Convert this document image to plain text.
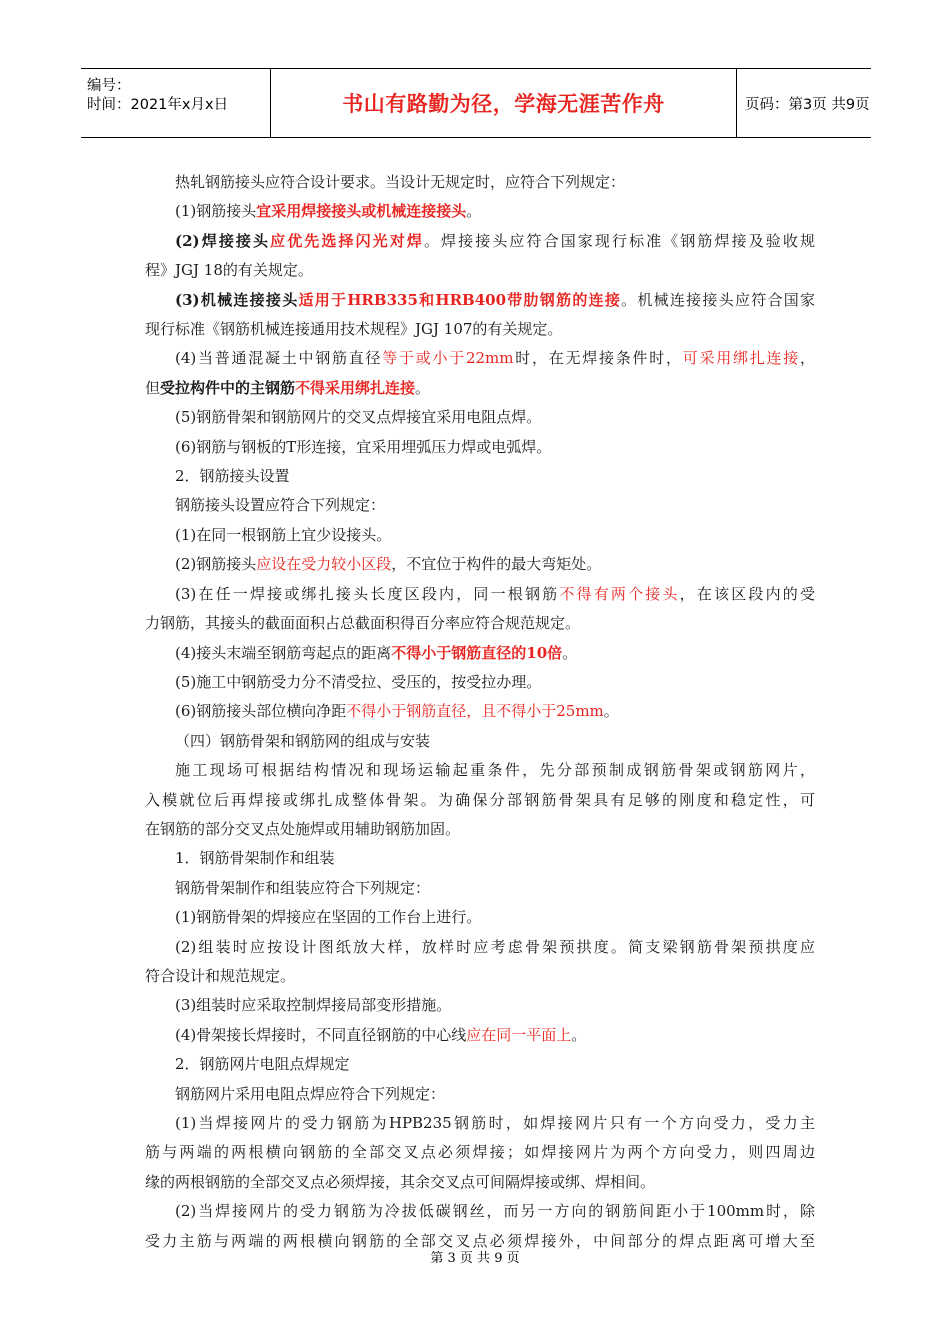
编号：
时间：2021年x月x日	书山有路勤为径，学海无涯苦作舟	页码：第3页 共9页

热轧钢筋接头应符合设计要求。当设计无规定时，应符合下列规定：

(1)钢筋接头宜采用焊接接头或机械连接接头。

(2)焊接接头应优先选择闪光对焊。焊接接头应符合国家现行标准《钢筋焊接及验收规

程》JGJ 18的有关规定。

(3)机械连接接头适用于HRB335和HRB400带肋钢筋的连接。机械连接接头应符合国家

现行标准《钢筋机械连接通用技术规程》JGJ 107的有关规定。

(4)当普通混凝土中钢筋直径等于或小于22mm时，在无焊接条件时，可采用绑扎连接，

但受拉构件中的主钢筋不得采用绑扎连接。

(5)钢筋骨架和钢筋网片的交叉点焊接宜采用电阻点焊。

(6)钢筋与钢板的T形连接，宜采用埋弧压力焊或电弧焊。

2．钢筋接头设置

钢筋接头设置应符合下列规定：

(1)在同一根钢筋上宜少设接头。

(2)钢筋接头应设在受力较小区段，不宜位于构件的最大弯矩处。

(3)在任一焊接或绑扎接头长度区段内，同一根钢筋不得有两个接头，在该区段内的受

力钢筋，其接头的截面面积占总截面积得百分率应符合规范规定。

(4)接头末端至钢筋弯起点的距离不得小于钢筋直径的10倍。

(5)施工中钢筋受力分不清受拉、受压的，按受拉办理。

(6)钢筋接头部位横向净距不得小于钢筋直径，且不得小于25mm。

（四）钢筋骨架和钢筋网的组成与安装

施工现场可根据结构情况和现场运输起重条件，先分部预制成钢筋骨架或钢筋网片，

入模就位后再焊接或绑扎成整体骨架。为确保分部钢筋骨架具有足够的刚度和稳定性，可

在钢筋的部分交叉点处施焊或用辅助钢筋加固。

1．钢筋骨架制作和组装

钢筋骨架制作和组装应符合下列规定：

(1)钢筋骨架的焊接应在坚固的工作台上进行。

(2)组装时应按设计图纸放大样，放样时应考虑骨架预拱度。简支梁钢筋骨架预拱度应

符合设计和规范规定。

(3)组装时应采取控制焊接局部变形措施。

(4)骨架接长焊接时，不同直径钢筋的中心线应在同一平面上。

2．钢筋网片电阻点焊规定

钢筋网片采用电阻点焊应符合下列规定：

(1)当焊接网片的受力钢筋为HPB235钢筋时，如焊接网片只有一个方向受力，受力主

筋与两端的两根横向钢筋的全部交叉点必须焊接；如焊接网片为两个方向受力，则四周边

缘的两根钢筋的全部交叉点必须焊接，其余交叉点可间隔焊接或绑、焊相间。

(2)当焊接网片的受力钢筋为冷拔低碳钢丝，而另一方向的钢筋间距小于100mm时，除

受力主筋与两端的两根横向钢筋的全部交叉点必须焊接外，中间部分的焊点距离可增大至

第 3 页 共 9 页
